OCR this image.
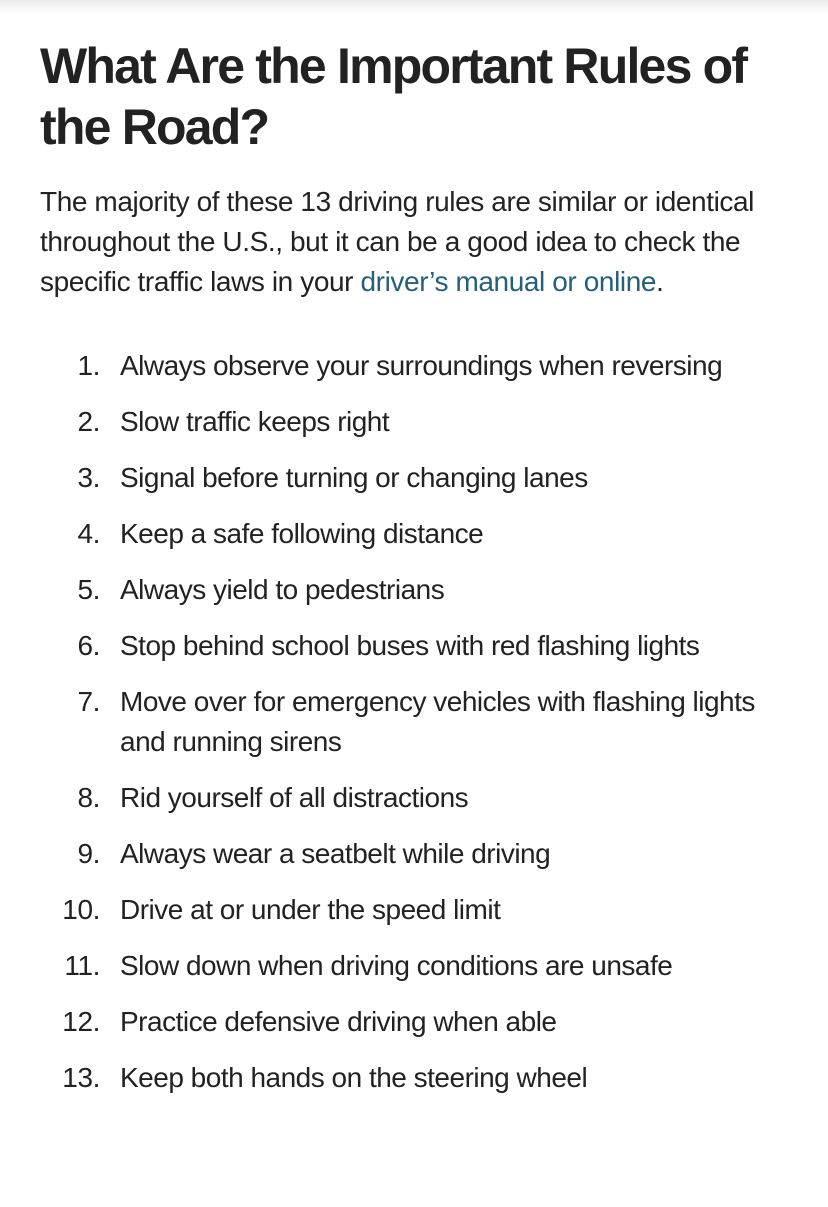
What Are the Important Rules of the Road?

The majority of these 13 driving rules are similar or identical throughout the U.S., but it can be a good idea to check the specific traffic laws in your driver’s manual or online.

1. Always observe your surroundings when reversing
2. Slow traffic keeps right
3. Signal before turning or changing lanes
4. Keep a safe following distance
5. Always yield to pedestrians
6. Stop behind school buses with red flashing lights
7. Move over for emergency vehicles with flashing lights and running sirens
8. Rid yourself of all distractions
9. Always wear a seatbelt while driving
10. Drive at or under the speed limit
11. Slow down when driving conditions are unsafe
12. Practice defensive driving when able
13. Keep both hands on the steering wheel
